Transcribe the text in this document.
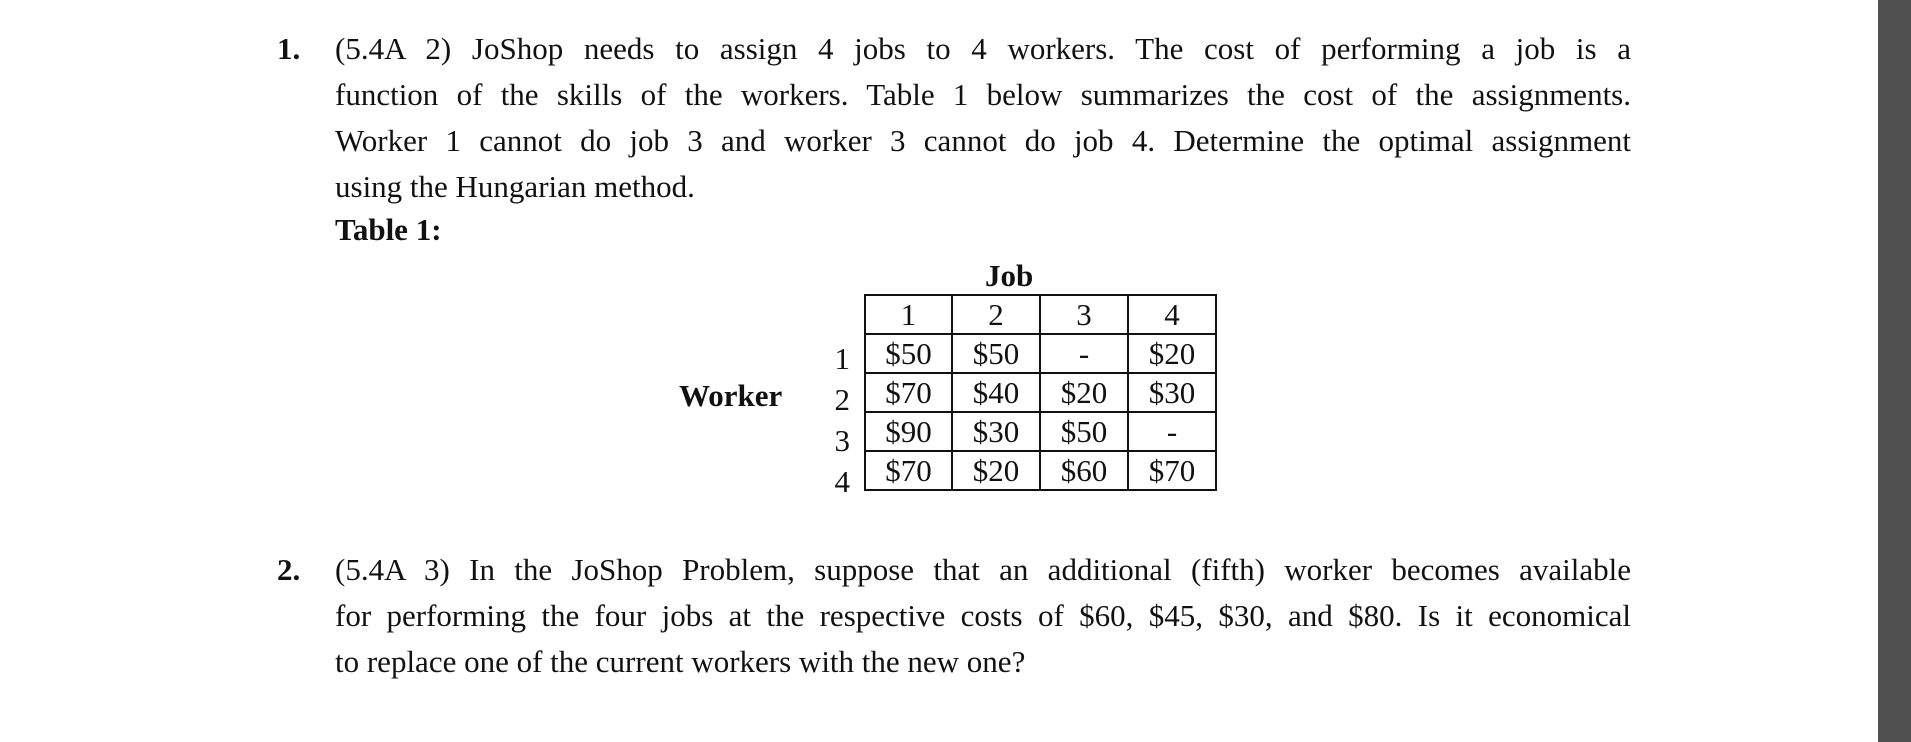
1. (5.4A 2) JoShop needs to assign 4 jobs to 4 workers. The cost of performing a job is a
function of the skills of the workers. Table 1 below summarizes the cost of the assignments.
Worker 1 cannot do job 3 and worker 3 cannot do job 4. Determine the optimal assignment
using the Hungarian method.
Table 1:
Job
Worker
1
2
3
4
1	2	3	4
$50	$50	-	$20
$70	$40	$20	$30
$90	$30	$50	-
$70	$20	$60	$70
2. (5.4A 3) In the JoShop Problem, suppose that an additional (fifth) worker becomes available
for performing the four jobs at the respective costs of $60, $45, $30, and $80. Is it economical
to replace one of the current workers with the new one?
